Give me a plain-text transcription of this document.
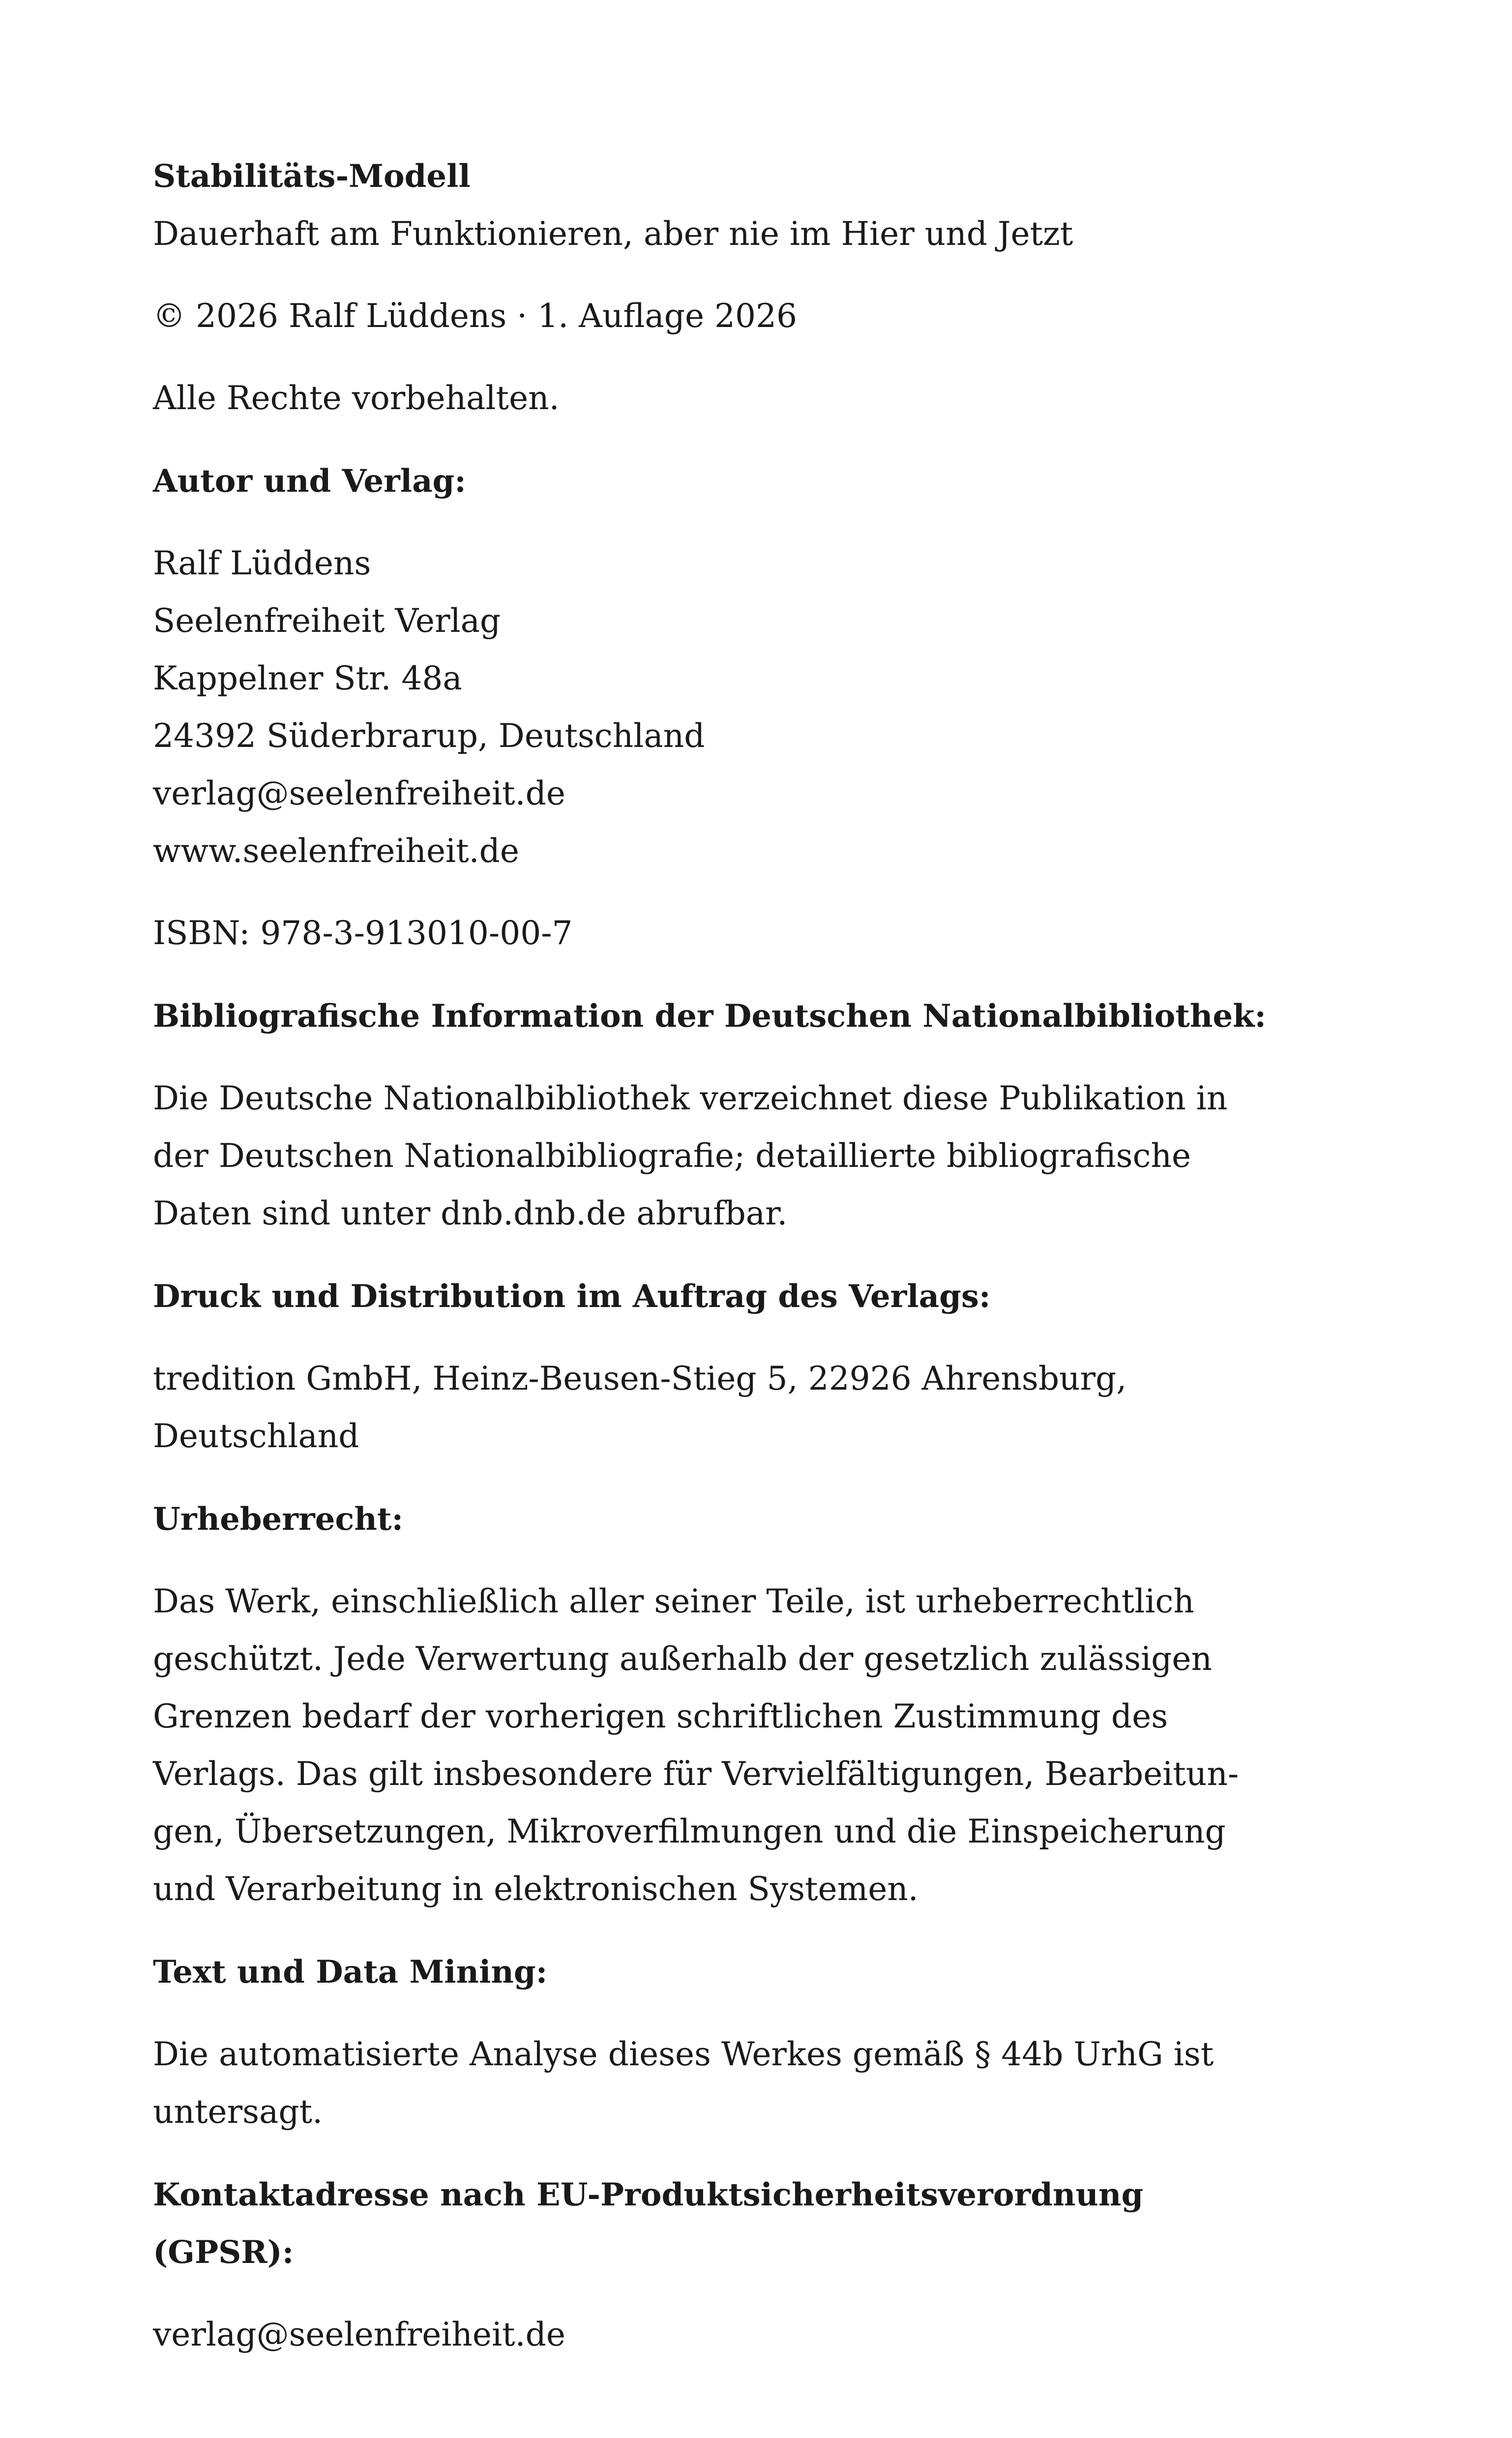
Stabilitäts-Modell

Dauerhaft am Funktionieren, aber nie im Hier und Jetzt

© 2026 Ralf Lüddens · 1. Auflage 2026

Alle Rechte vorbehalten.

Autor und Verlag:

Ralf Lüddens
Seelenfreiheit Verlag
Kappelner Str. 48a
24392 Süderbrarup, Deutschland
verlag@seelenfreiheit.de
www.seelenfreiheit.de

ISBN: 978-3-913010-00-7

Bibliografische Information der Deutschen Nationalbibliothek:

Die Deutsche Nationalbibliothek verzeichnet diese Publikation in
der Deutschen Nationalbibliografie; detaillierte bibliografische
Daten sind unter dnb.dnb.de abrufbar.

Druck und Distribution im Auftrag des Verlags:

tredition GmbH, Heinz-Beusen-Stieg 5, 22926 Ahrensburg,
Deutschland

Urheberrecht:

Das Werk, einschließlich aller seiner Teile, ist urheberrechtlich
geschützt. Jede Verwertung außerhalb der gesetzlich zulässigen
Grenzen bedarf der vorherigen schriftlichen Zustimmung des
Verlags. Das gilt insbesondere für Vervielfältigungen, Bearbeitun-
gen, Übersetzungen, Mikroverfilmungen und die Einspeicherung
und Verarbeitung in elektronischen Systemen.

Text und Data Mining:

Die automatisierte Analyse dieses Werkes gemäß § 44b UrhG ist
untersagt.

Kontaktadresse nach EU-Produktsicherheitsverordnung (GPSR):

verlag@seelenfreiheit.de
